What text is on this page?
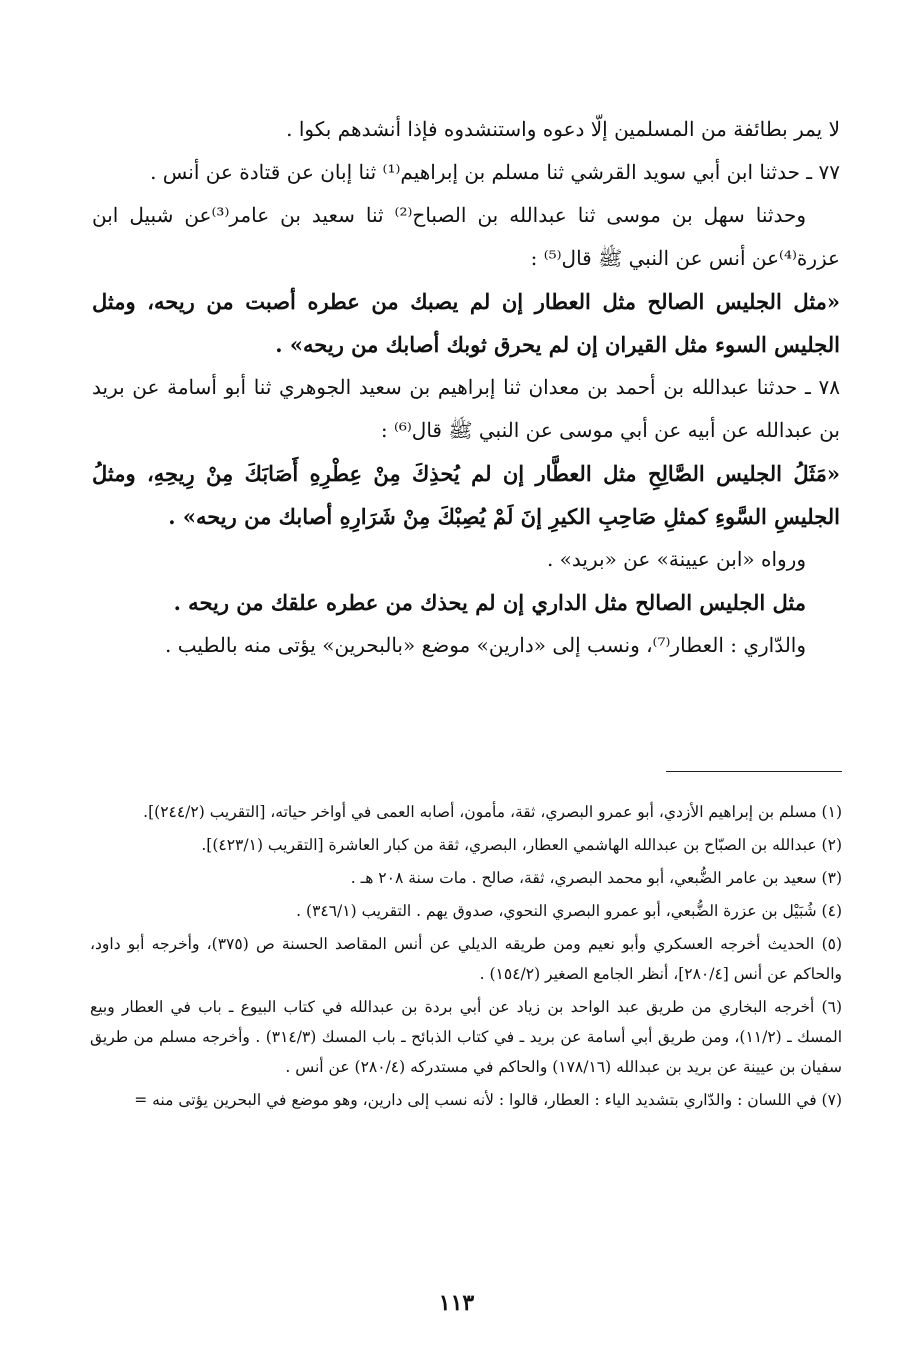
لا يمر بطائفة من المسلمين إلّا دعوه واستنشدوه فإذا أنشدهم بكوا .

٧٧ ـ حدثنا ابن أبي سويد القرشي ثنا مسلم بن إبراهيم⁽¹⁾ ثنا إبان عن قتادة عن أنس .

وحدثنا سهل بن موسى ثنا عبدالله بن الصباح⁽²⁾ ثنا سعيد بن عامر⁽³⁾عن شبيل ابن عزرة⁽⁴⁾عن أنس عن النبي ﷺ قال⁽⁵⁾ :

«مثل الجليس الصالح مثل العطار إن لم يصبك من عطره أصبت من ريحه، ومثل الجليس السوء مثل القيران إن لم يحرق ثوبك أصابك من ريحه» .

٧٨ ـ حدثنا عبدالله بن أحمد بن معدان ثنا إبراهيم بن سعيد الجوهري ثنا أبو أسامة عن بريد بن عبدالله عن أبيه عن أبي موسى عن النبي ﷺ قال⁽⁶⁾ :

«مَثَلُ الجليس الصَّالِحِ مثل العطَّار إن لم يُحذِكَ مِنْ عِطْرِهِ أَصَابَكَ مِنْ رِيحِهِ، ومثلُ الجليسِ السَّوءِ كمثلِ صَاحِبِ الكيرِ إنَ لَمْ يُصِبْكَ مِنْ شَرَارِهِ أصابك من ريحه» .

ورواه «ابن عيينة» عن «بريد» .

مثل الجليس الصالح مثل الداري إن لم يحذك من عطره علقك من ريحه .

والدّاري : العطار⁽⁷⁾، ونسب إلى «دارين» موضع «بالبحرين» يؤتى منه بالطيب .

(١) مسلم بن إبراهيم الأزدي، أبو عمرو البصري، ثقة، مأمون، أصابه العمى في أواخر حياته، [التقريب (٢٤٤/٢)].

(٢) عبدالله بن الصبّاح بن عبدالله الهاشمي العطار، البصري، ثقة من كبار العاشرة [التقريب (٤٢٣/١)].

(٣) سعيد بن عامر الضُّبعي، أبو محمد البصري، ثقة، صالح . مات سنة ٢٠٨ هـ .

(٤) شُبَيْل بن عزرة الضُّبعي، أبو عمرو البصري النحوي، صدوق يهم . التقريب (٣٤٦/١) .

(٥) الحديث أخرجه العسكري وأبو نعيم ومن طريقه الديلي عن أنس المقاصد الحسنة ص (٣٧٥)، وأخرجه أبو داود، والحاكم عن أنس [٢٨٠/٤]، أنظر الجامع الصغير (١٥٤/٢) .

(٦) أخرجه البخاري من طريق عبد الواحد بن زياد عن أبي بردة بن عبدالله في كتاب البيوع ـ باب في العطار وبيع المسك ـ (١١/٢)، ومن طريق أبي أسامة عن بريد ـ في كتاب الذبائح ـ باب المسك (٣١٤/٣) . وأخرجه مسلم من طريق سفيان بن عيينة عن بريد بن عبدالله (١٧٨/١٦) والحاكم في مستدركه (٢٨٠/٤) عن أنس .

(٧) في اللسان : والدّاري بتشديد الياء : العطار، قالوا : لأنه نسب إلى دارين، وهو موضع في البحرين يؤتى منه =

١١٣
